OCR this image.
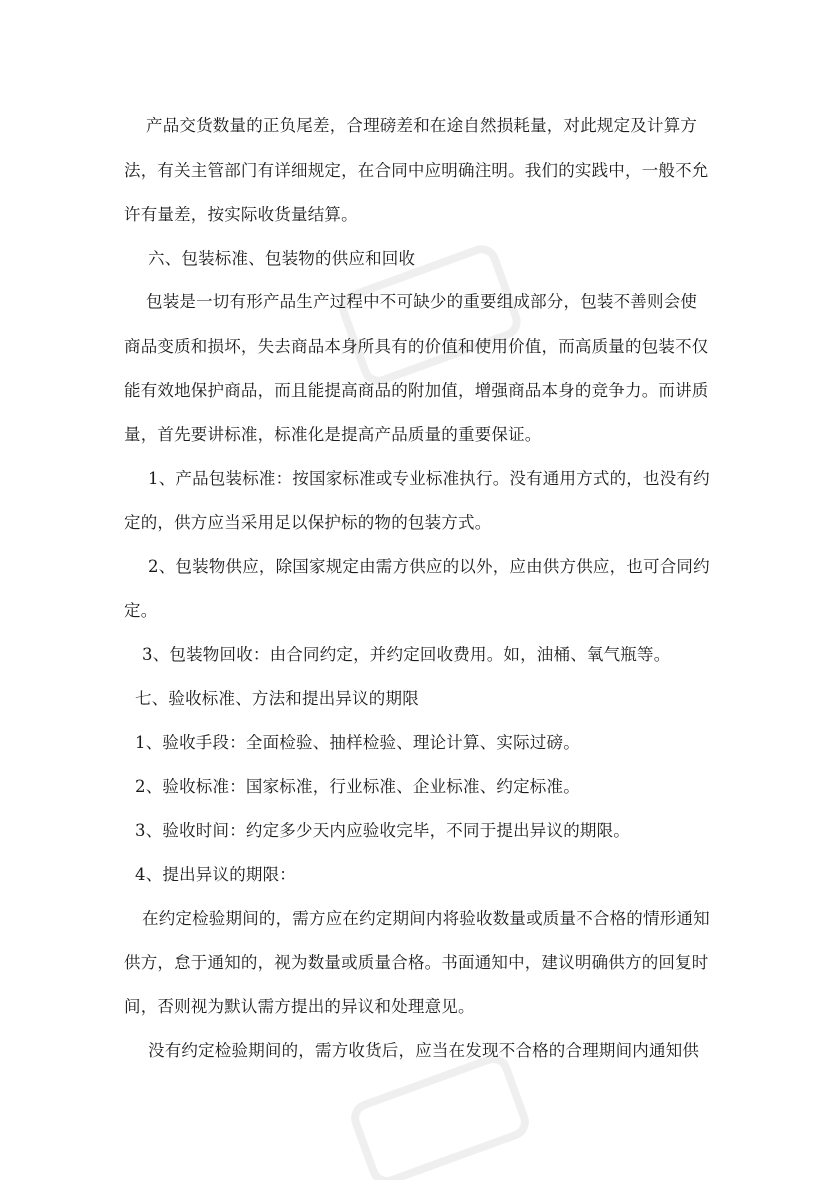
产品交货数量的正负尾差，合理磅差和在途自然损耗量，对此规定及计算方
法，有关主管部门有详细规定，在合同中应明确注明。我们的实践中，一般不允
许有量差，按实际收货量结算。
六、包装标准、包装物的供应和回收
包装是一切有形产品生产过程中不可缺少的重要组成部分，包装不善则会使
商品变质和损坏，失去商品本身所具有的价值和使用价值，而高质量的包装不仅
能有效地保护商品，而且能提高商品的附加值，增强商品本身的竞争力。而讲质
量，首先要讲标准，标准化是提高产品质量的重要保证。
1、产品包装标准：按国家标准或专业标准执行。没有通用方式的，也没有约
定的，供方应当采用足以保护标的物的包装方式。
2、包装物供应，除国家规定由需方供应的以外，应由供方供应，也可合同约
定。
3、包装物回收：由合同约定，并约定回收费用。如，油桶、氧气瓶等。
七、验收标准、方法和提出异议的期限
1、验收手段：全面检验、抽样检验、理论计算、实际过磅。
2、验收标准：国家标准，行业标准、企业标准、约定标准。
3、验收时间：约定多少天内应验收完毕，不同于提出异议的期限。
4、提出异议的期限：
在约定检验期间的，需方应在约定期间内将验收数量或质量不合格的情形通知
供方，怠于通知的，视为数量或质量合格。书面通知中，建议明确供方的回复时
间，否则视为默认需方提出的异议和处理意见。
没有约定检验期间的，需方收货后，应当在发现不合格的合理期间内通知供
